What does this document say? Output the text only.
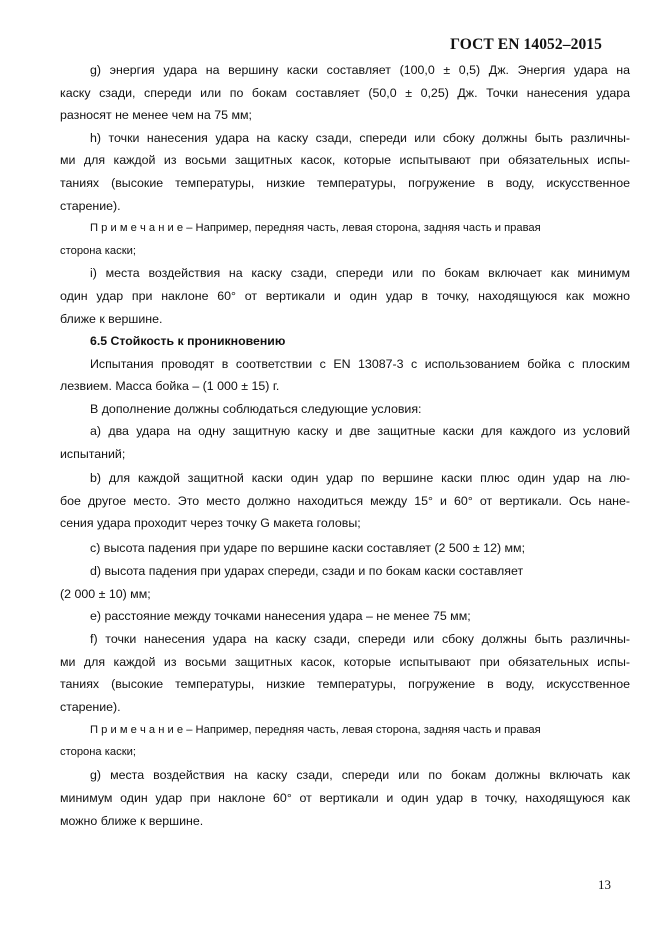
ГОСТ EN 14052–2015
g) энергия удара на вершину каски составляет (100,0 ± 0,5) Дж. Энергия удара на
каску сзади, спереди или по бокам составляет (50,0 ± 0,25) Дж. Точки нанесения удара
разносят не менее чем на 75 мм;
h) точки нанесения удара на каску сзади, спереди или сбоку должны быть различны-
ми для каждой из восьми защитных касок, которые испытывают при обязательных испы-
таниях (высокие температуры, низкие температуры, погружение в воду, искусственное
старение).
П р и м е ч а н и е – Например, передняя часть, левая сторона, задняя часть и правая
сторона каски;
i) места воздействия на каску сзади, спереди или по бокам включает как минимум
один удар при наклоне 60° от вертикали и один удар в точку, находящуюся как можно
ближе к вершине.
6.5 Стойкость к проникновению
Испытания проводят в соответствии с EN 13087-3 с использованием бойка с плоским
лезвием. Масса бойка – (1 000 ± 15) г.
В дополнение должны соблюдаться следующие условия:
a) два удара на одну защитную каску и две защитные каски для каждого из условий
испытаний;
b) для каждой защитной каски один удар по вершине каски плюс один удар на лю-
бое другое место. Это место должно находиться между 15° и 60° от вертикали. Ось нане-
сения удара проходит через точку G макета головы;
c) высота падения при ударе по вершине каски составляет (2 500 ± 12) мм;
d) высота падения при ударах спереди, сзади и по бокам каски составляет
(2 000 ± 10) мм;
e) расстояние между точками нанесения удара – не менее 75 мм;
f) точки нанесения удара на каску сзади, спереди или сбоку должны быть различны-
ми для каждой из восьми защитных касок, которые испытывают при обязательных испы-
таниях (высокие температуры, низкие температуры, погружение в воду, искусственное
старение).
П р и м е ч а н и е – Например, передняя часть, левая сторона, задняя часть и правая
сторона каски;
g) места воздействия на каску сзади, спереди или по бокам должны включать как
минимум один удар при наклоне 60° от вертикали и один удар в точку, находящуюся как
можно ближе к вершине.
13
